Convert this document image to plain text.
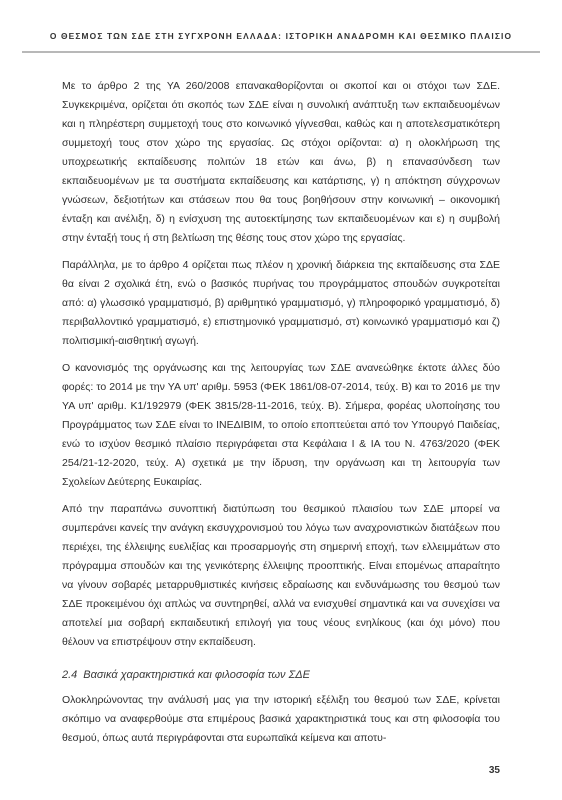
Ο ΘΕΣΜΟΣ ΤΩΝ ΣΔΕ ΣΤΗ ΣΥΓΧΡΟΝΗ ΕΛΛΑΔΑ: ΙΣΤΟΡΙΚΗ ΑΝΑΔΡΟΜΗ ΚΑΙ ΘΕΣΜΙΚΟ ΠΛΑΙΣΙΟ

Με το άρθρο 2 της ΥΑ 260/2008 επανακαθορίζονται οι σκοποί και οι στόχοι των ΣΔΕ. Συγκεκριμένα, ορίζεται ότι σκοπός των ΣΔΕ είναι η συνολική ανάπτυξη των εκπαιδευομένων και η πληρέστερη συμμετοχή τους στο κοινωνικό γίγνεσθαι, καθώς και η αποτελεσματικότερη συμμετοχή τους στον χώρο της εργασίας. Ως στόχοι ορίζονται: α) η ολοκλήρωση της υποχρεωτικής εκπαίδευσης πολιτών 18 ετών και άνω, β) η επανασύνδεση των εκπαιδευομένων με τα συστήματα εκπαίδευσης και κατάρτισης, γ) η απόκτηση σύγχρονων γνώσεων, δεξιοτήτων και στάσεων που θα τους βοηθήσουν στην κοινωνική – οικονομική ένταξη και ανέλιξη, δ) η ενίσχυση της αυτοεκτίμησης των εκπαιδευομένων και ε) η συμβολή στην ένταξή τους ή στη βελτίωση της θέσης τους στον χώρο της εργασίας.

Παράλληλα, με το άρθρο 4 ορίζεται πως πλέον η χρονική διάρκεια της εκπαίδευσης στα ΣΔΕ θα είναι 2 σχολικά έτη, ενώ ο βασικός πυρήνας του προγράμματος σπουδών συγκροτείται από: α) γλωσσικό γραμματισμό, β) αριθμητικό γραμματισμό, γ) πληροφορικό γραμματισμό, δ) περιβαλλοντικό γραμματισμό, ε) επιστημονικό γραμματισμό, στ) κοινωνικό γραμματισμό και ζ) πολιτισμική-αισθητική αγωγή.

Ο κανονισμός της οργάνωσης και της λειτουργίας των ΣΔΕ ανανεώθηκε έκτοτε άλλες δύο φορές: το 2014 με την ΥΑ υπ' αριθμ. 5953 (ΦΕΚ 1861/08-07-2014, τεύχ. Β) και το 2016 με την ΥΑ υπ' αριθμ. Κ1/192979 (ΦΕΚ 3815/28-11-2016, τεύχ. Β). Σήμερα, φορέας υλοποίησης του Προγράμματος των ΣΔΕ είναι το ΙΝΕΔΙΒΙΜ, το οποίο εποπτεύεται από τον Υπουργό Παιδείας, ενώ το ισχύον θεσμικό πλαίσιο περιγράφεται στα Κεφάλαια Ι & ΙΑ του Ν. 4763/2020 (ΦΕΚ 254/21-12-2020, τεύχ. Α) σχετικά με την ίδρυση, την οργάνωση και τη λειτουργία των Σχολείων Δεύτερης Ευκαιρίας.

Από την παραπάνω συνοπτική διατύπωση του θεσμικού πλαισίου των ΣΔΕ μπορεί να συμπεράνει κανείς την ανάγκη εκσυγχρονισμού του λόγω των αναχρονιστικών διατάξεων που περιέχει, της έλλειψης ευελιξίας και προσαρμογής στη σημερινή εποχή, των ελλειμμάτων στο πρόγραμμα σπουδών και της γενικότερης έλλειψης προοπτικής. Είναι επομένως απαραίτητο να γίνουν σοβαρές μεταρρυθμιστικές κινήσεις εδραίωσης και ενδυνάμωσης του θεσμού των ΣΔΕ προκειμένου όχι απλώς να συντηρηθεί, αλλά να ενισχυθεί σημαντικά και να συνεχίσει να αποτελεί μια σοβαρή εκπαιδευτική επιλογή για τους νέους ενηλίκους (και όχι μόνο) που θέλουν να επιστρέψουν στην εκπαίδευση.

2.4 Βασικά χαρακτηριστικά και φιλοσοφία των ΣΔΕ

Ολοκληρώνοντας την ανάλυσή μας για την ιστορική εξέλιξη του θεσμού των ΣΔΕ, κρίνεται σκόπιμο να αναφερθούμε στα επιμέρους βασικά χαρακτηριστικά τους και στη φιλοσοφία του θεσμού, όπως αυτά περιγράφονται στα ευρωπαϊκά κείμενα και αποτυ-

35
